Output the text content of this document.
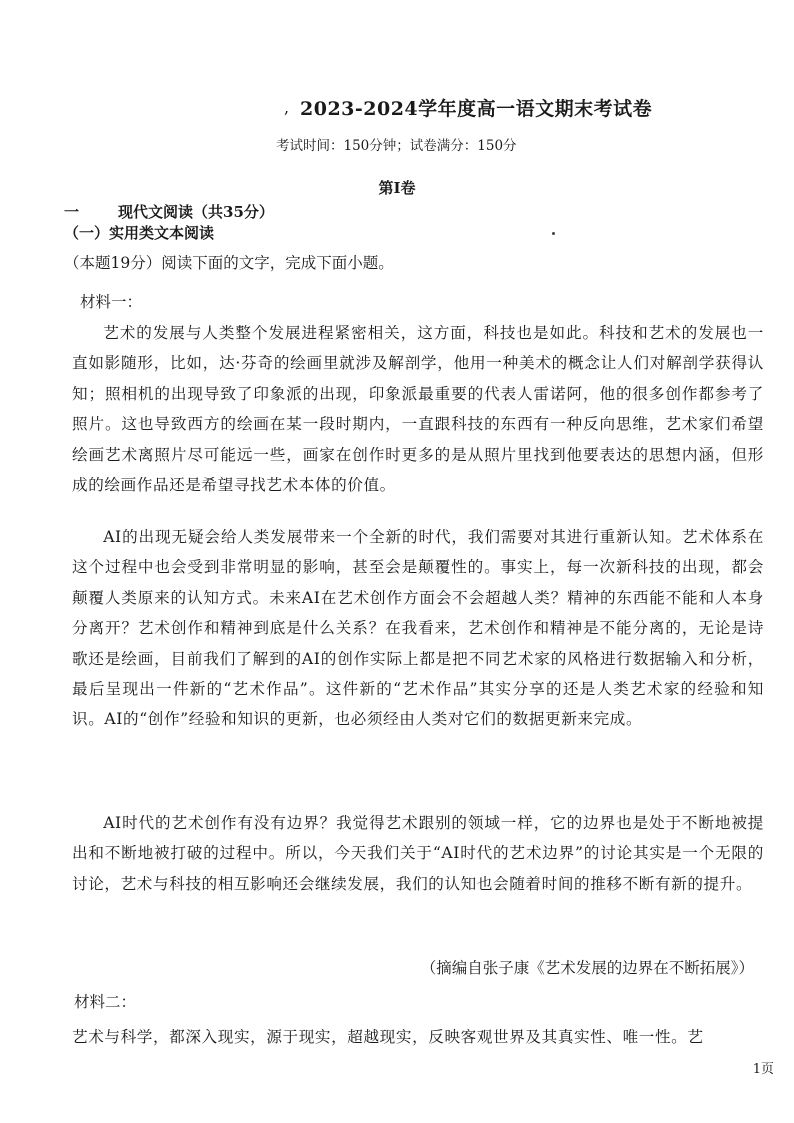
, 2023-2024学年度高一语文期末考试卷
考试时间：150分钟；试卷满分：150分
第Ⅰ卷
一	现代文阅读（共35分）
（一）实用类文本阅读
（本题19分）阅读下面的文字，完成下面小题。
材料一：

艺术的发展与人类整个发展进程紧密相关，这方面，科技也是如此。科技和艺术的发展也一直如影随形，比如，达·芬奇的绘画里就涉及解剖学，他用一种美术的概念让人们对解剖学获得认知；照相机的出现导致了印象派的出现，印象派最重要的代表人雷诺阿，他的很多创作都参考了照片。这也导致西方的绘画在某一段时期内，一直跟科技的东西有一种反向思维，艺术家们希望绘画艺术离照片尽可能远一些，画家在创作时更多的是从照片里找到他要表达的思想内涵，但形成的绘画作品还是希望寻找艺术本体的价值。

AI的出现无疑会给人类发展带来一个全新的时代，我们需要对其进行重新认知。艺术体系在这个过程中也会受到非常明显的影响，甚至会是颠覆性的。事实上，每一次新科技的出现，都会颠覆人类原来的认知方式。未来AI在艺术创作方面会不会超越人类？精神的东西能不能和人本身分离开？艺术创作和精神到底是什么关系？在我看来，艺术创作和精神是不能分离的，无论是诗歌还是绘画，目前我们了解到的AI的创作实际上都是把不同艺术家的风格进行数据输入和分析，最后呈现出一件新的“艺术作品”。这件新的“艺术作品”其实分享的还是人类艺术家的经验和知识。AI的“创作”经验和知识的更新，也必须经由人类对它们的数据更新来完成。

AI时代的艺术创作有没有边界？我觉得艺术跟别的领域一样，它的边界也是处于不断地被提出和不断地被打破的过程中。所以，今天我们关于“AI时代的艺术边界”的讨论其实是一个无限的讨论，艺术与科技的相互影响还会继续发展，我们的认知也会随着时间的推移不断有新的提升。

（摘编自张子康《艺术发展的边界在不断拓展》）
材料二：

艺术与科学，都深入现实，源于现实，超越现实，反映客观世界及其真实性、唯一性。艺

1页
